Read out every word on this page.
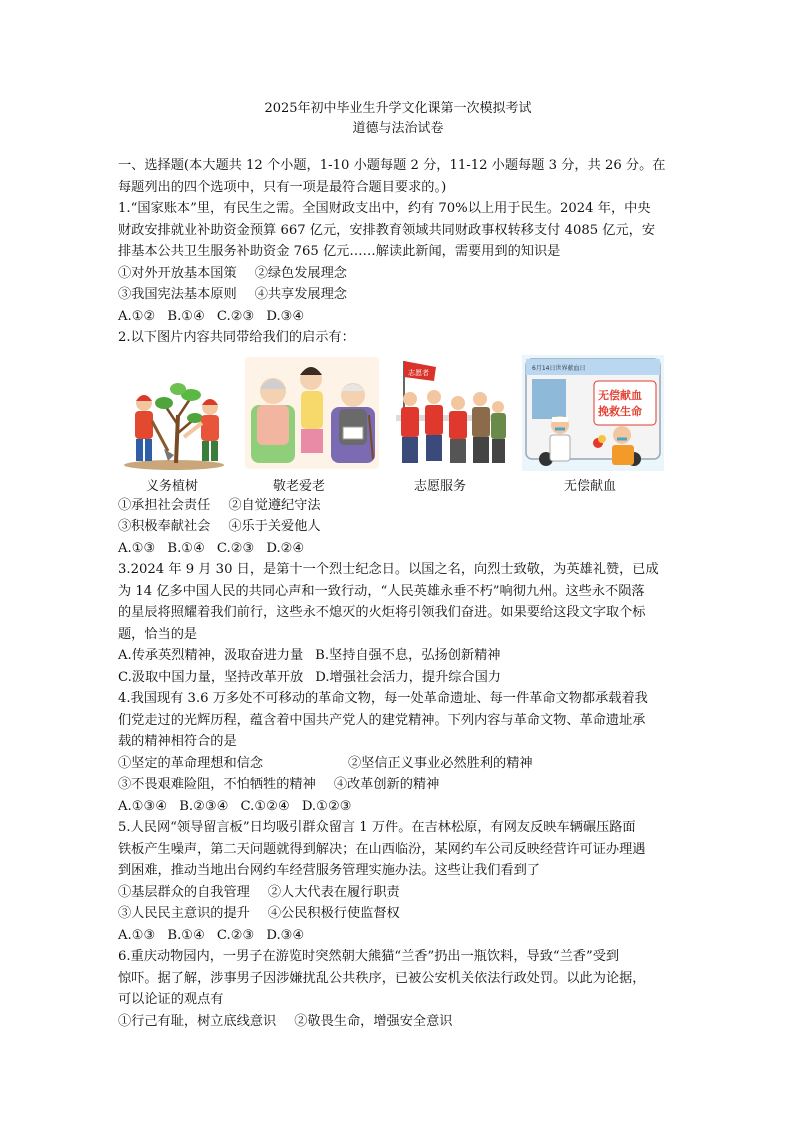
2025年初中毕业生升学文化课第一次模拟考试
道德与法治试卷
一、选择题(本大题共 12 个小题，1-10 小题每题 2 分，11-12 小题每题 3 分，共 26 分。在
每题列出的四个选项中，只有一项是最符合题目要求的。)
1.“国家账本”里，有民生之需。全国财政支出中，约有 70%以上用于民生。2024 年，中央
财政安排就业补助资金预算 667 亿元，安排教育领域共同财政事权转移支付 4085 亿元，安
排基本公共卫生服务补助资金 765 亿元……解读此新闻，需要用到的知识是
①对外开放基本国策 ②绿色发展理念
③我国宪法基本原则 ④共享发展理念
A.①② B.①④ C.②③ D.③④
2.以下图片内容共同带给我们的启示有：
志愿者
6月14日世界献血日
无偿献血
挽救生命
义务植树	敬老爱老	志愿服务	无偿献血
①承担社会责任 ②自觉遵纪守法
③积极奉献社会 ④乐于关爱他人
A.①③ B.①④ C.②③ D.②④
3.2024 年 9 月 30 日，是第十一个烈士纪念日。以国之名，向烈士致敬，为英雄礼赞，已成
为 14 亿多中国人民的共同心声和一致行动，“人民英雄永垂不朽”响彻九州。这些永不陨落
的星辰将照耀着我们前行，这些永不熄灭的火炬将引领我们奋进。如果要给这段文字取个标
题，恰当的是
A.传承英烈精神，汲取奋进力量 B.坚持自强不息，弘扬创新精神
C.汲取中国力量，坚持改革开放 D.增强社会活力，提升综合国力
4.我国现有 3.6 万多处不可移动的革命文物，每一处革命遗址、每一件革命文物都承载着我
们党走过的光辉历程，蕴含着中国共产党人的建党精神。下列内容与革命文物、革命遗址承
载的精神相符合的是
①坚定的革命理想和信念	②坚信正义事业必然胜利的精神
③不畏艰难险阻，不怕牺牲的精神 ④改革创新的精神
A.①③④ B.②③④ C.①②④ D.①②③
5.人民网“领导留言板”日均吸引群众留言 1 万件。在吉林松原，有网友反映车辆碾压路面
铁板产生噪声，第二天问题就得到解决；在山西临汾，某网约车公司反映经营许可证办理遇
到困难，推动当地出台网约车经营服务管理实施办法。这些让我们看到了
①基层群众的自我管理 ②人大代表在履行职责
③人民民主意识的提升 ④公民积极行使监督权
A.①③ B.①④ C.②③ D.③④
6.重庆动物园内，一男子在游览时突然朝大熊猫“兰香”扔出一瓶饮料，导致“兰香”受到
惊吓。据了解，涉事男子因涉嫌扰乱公共秩序，已被公安机关依法行政处罚。以此为论据，
可以论证的观点有
①行己有耻，树立底线意识 ②敬畏生命，增强安全意识
